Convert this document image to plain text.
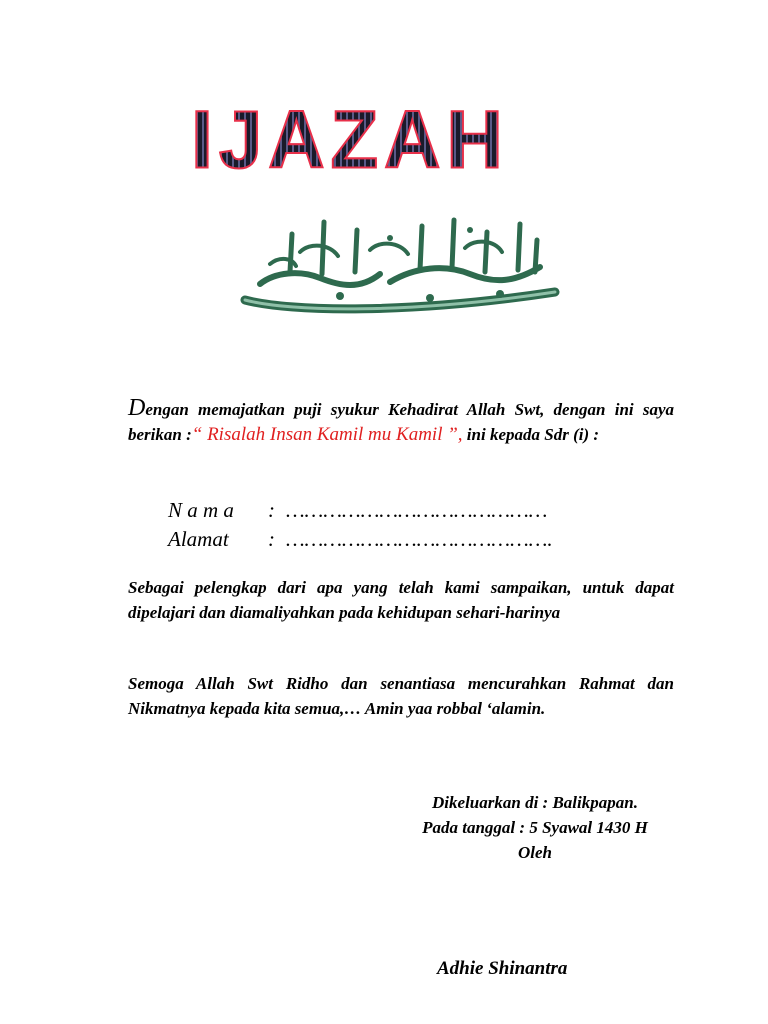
IJAZAH
Dengan memajatkan puji syukur Kehadirat Allah Swt, dengan ini saya berikan :“ Risalah Insan Kamil mu Kamil ”, ini kepada Sdr (i) :
N a m a : ……………………………………
Alamat : …………………………………….
Sebagai pelengkap dari apa yang telah kami sampaikan, untuk dapat dipelajari dan diamaliyahkan pada kehidupan sehari-harinya
Semoga Allah Swt Ridho dan senantiasa mencurahkan Rahmat dan Nikmatnya kepada kita semua,… Amin yaa robbal ‘alamin.
Dikeluarkan di : Balikpapan.
Pada tanggal : 5 Syawal 1430 H
Oleh
Adhie Shinantra
